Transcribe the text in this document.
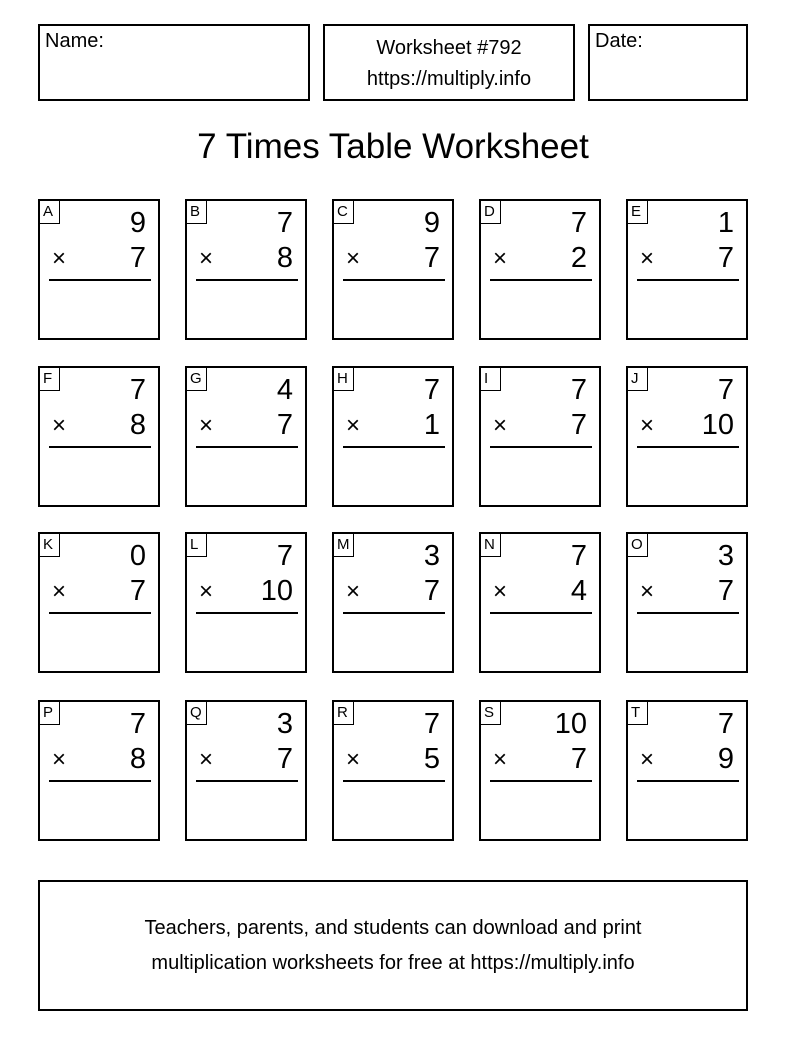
Name:	Worksheet #792
https://multiply.info
Date:
7 Times Table Worksheet
A	9
× 7
B	7
× 8
C	9
× 7
D	7
× 2
E	1
× 7
F	7
× 8
G	4
× 7
H	7
× 1
I	7
× 7
J	7
× 10
K	0
× 7
L	7
× 10
M	3
× 7
N	7
× 4
O	3
× 7
P	7
× 8
Q	3
× 7
R	7
× 5
S 10
× 7
T	7
× 9
Teachers, parents, and students can download and print
multiplication worksheets for free at https://multiply.info
